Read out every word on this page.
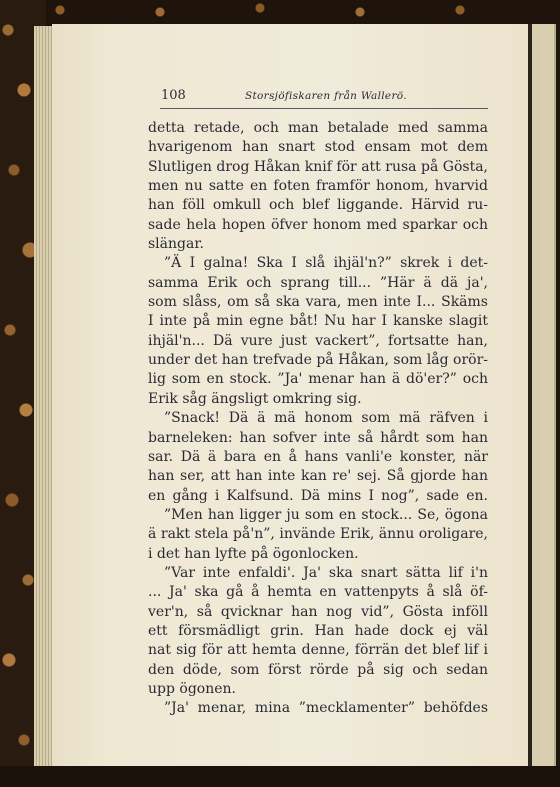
108	Storsjöfiskaren från Wallerö.
detta retade, och man betalade med samma
hvarigenom han snart stod ensam mot dem
Slutligen drog Håkan knif för att rusa på Gösta,
men nu satte en foten framför honom, hvarvid
han föll omkull och blef liggande. Härvid ru-
sade hela hopen öfver honom med sparkar och
slängar.
”Ä I galna! Ska I slå ihjäl'n?” skrek i det-
samma Erik och sprang till... ”Här ä dä ja',
som slåss, om så ska vara, men inte I... Skäms
I inte på min egne båt! Nu har I kanske slagit
ihjäl'n... Dä vure just vackert”, fortsatte han,
under det han trefvade på Håkan, som låg orör-
lig som en stock. ”Ja' menar han ä dö'er?” och
Erik såg ängsligt omkring sig.
”Snack! Dä ä mä honom som mä räfven i
barneleken: han sofver inte så hårdt som han
sar. Dä ä bara en å hans vanli'e konster, när
han ser, att han inte kan re' sej. Så gjorde han
en gång i Kalfsund. Dä mins I nog”, sade en.
”Men han ligger ju som en stock... Se, ögona
ä rakt stela på'n”, invände Erik, ännu oroligare,
i det han lyfte på ögonlocken.
”Var inte enfaldi'. Ja' ska snart sätta lif i'n
... Ja' ska gå å hemta en vattenpyts å slå öf-
ver'n, så qvicknar han nog vid”, Gösta inföll
ett försmädligt grin. Han hade dock ej väl
nat sig för att hemta denne, förrän det blef lif i
den döde, som först rörde på sig och sedan
upp ögonen.
”Ja' menar, mina ”mecklamenter” behöfdes
